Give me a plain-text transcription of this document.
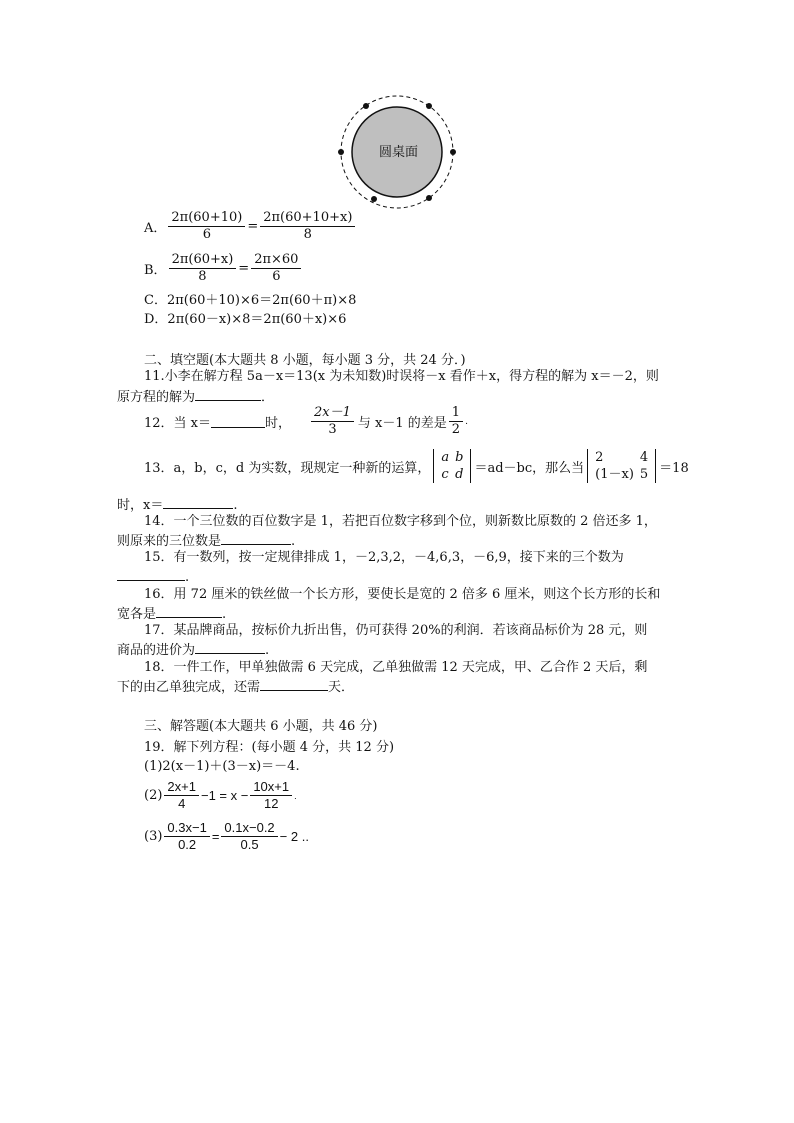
圆桌面
A． $\frac{2\pi(60+10)}{6} = \frac{2\pi(60+10+x)}{8}$
B． $\frac{2\pi(60+x)}{8} = \frac{2\pi\times 60}{6}$
C．2π(60＋10)×6＝2π(60＋π)×8
D．2π(60－x)×8＝2π(60＋x)×6
二、填空题(本大题共 8 小题，每小题 3 分，共 24 分．)
11.小李在解方程 5a－x＝13(x 为未知数)时误将－x 看作＋x，得方程的解为 x＝－2，则
原方程的解为	．
12．当 x＝	时， $\frac{2x-1}{3}$ 与 x－1 的差是 $\frac{1}{2}$ .
13．a，b，c，d 为实数，现规定一种新的运算，
a	b
c	d ＝ad－bc，那么当
2	4
(1－x)	5 ＝18
时，x＝	.
14．一个三位数的百位数字是 1，若把百位数字移到个位，则新数比原数的 2 倍还多 1，
则原来的三位数是	.
15．有一数列，按一定规律排成 1，－2,3,2，－4,6,3，－6,9，接下来的三个数为
.
16．用 72 厘米的铁丝做一个长方形，要使长是宽的 2 倍多 6 厘米，则这个长方形的长和
宽各是	.
17．某品牌商品，按标价九折出售，仍可获得 20%的利润．若该商品标价为 28 元，则
商品的进价为	.
18．一件工作，甲单独做需 6 天完成，乙单独做需 12 天完成，甲、乙合作 2 天后，剩
下的由乙单独完成，还需	天．
三、解答题(本大题共 6 小题，共 46 分)
19．解下列方程：(每小题 4 分，共 12 分)
(1)2(x－1)＋(3－x)＝－4.
$(2) \frac{2x+1}{4} -1 = x - \frac{10x+1}{12}$ .
$(3) \frac{0.3x-1}{0.2} = \frac{0.1x-0.2}{0.5} - 2$ ..
